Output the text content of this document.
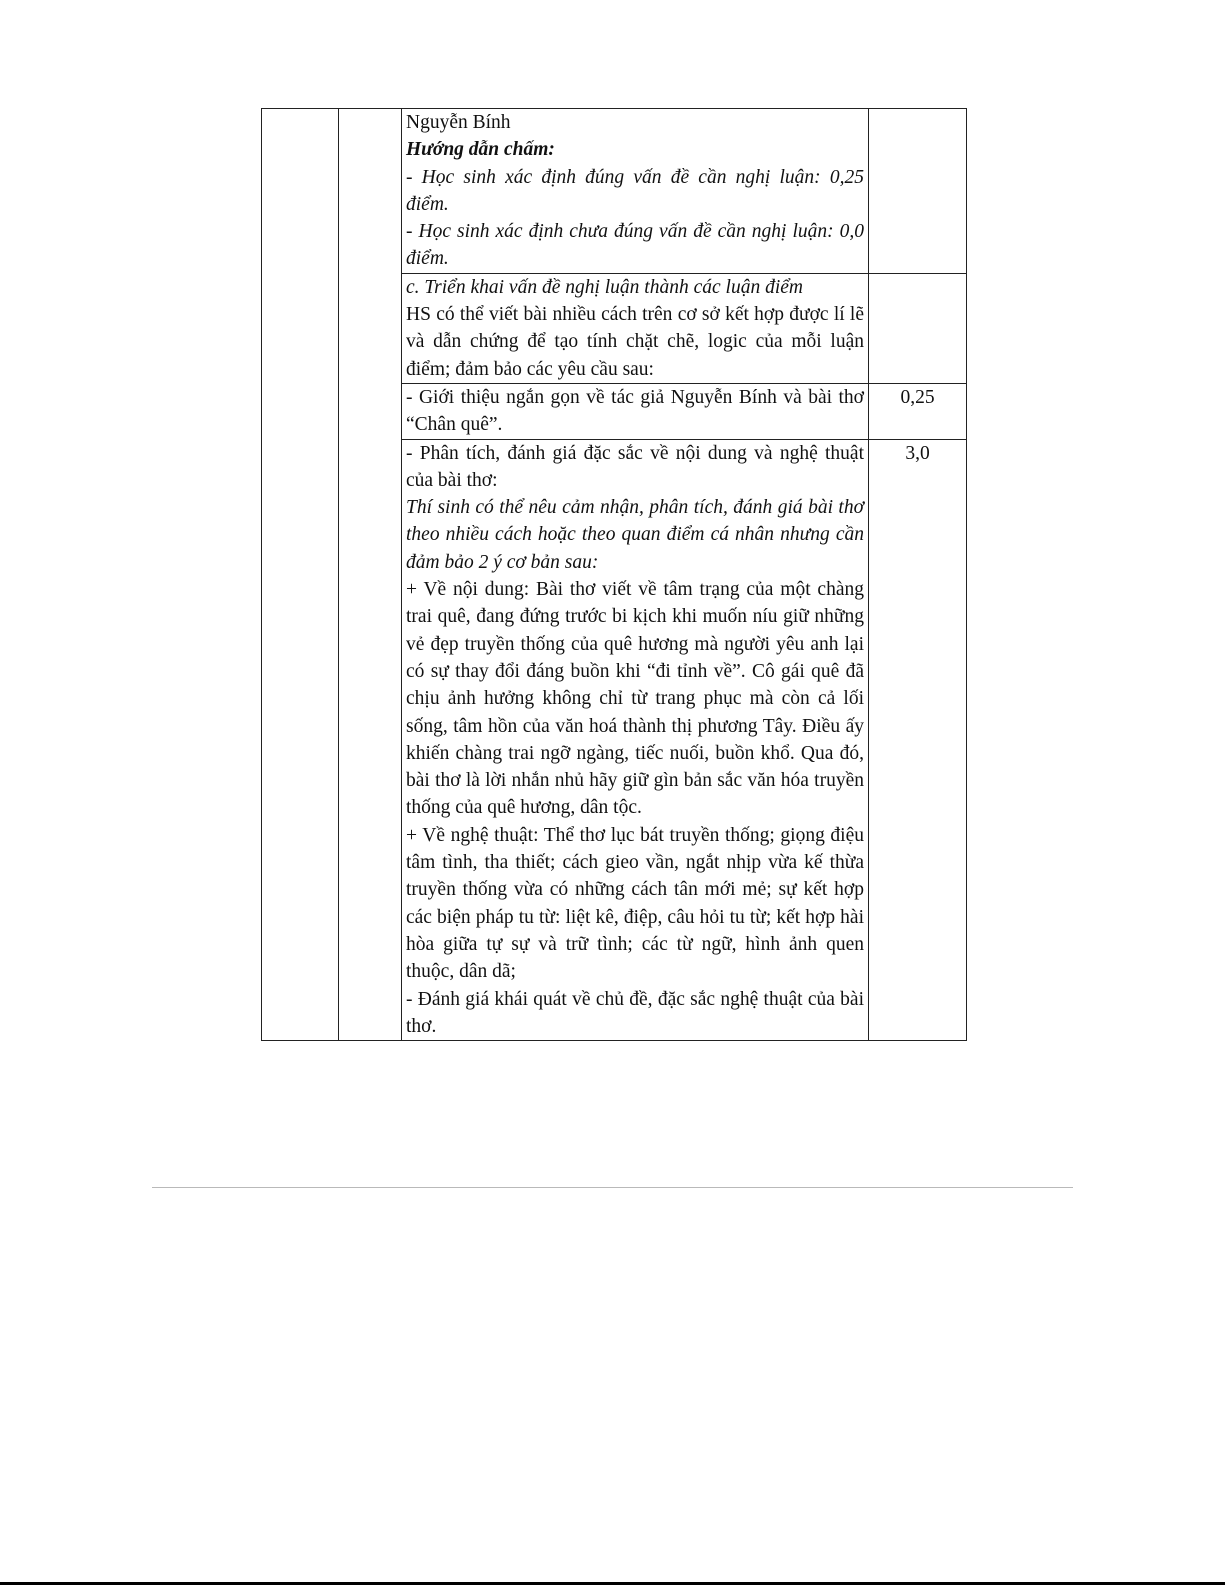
		Nguyễn Bính

Hướng dẫn chấm:

- Học sinh xác định đúng vấn đề cần nghị luận: 0,25 điểm.

- Học sinh xác định chưa đúng vấn đề cần nghị luận: 0,0 điểm.	

		c. Triển khai vấn đề nghị luận thành các luận điểm

HS có thể viết bài nhiều cách trên cơ sở kết hợp được lí lẽ và dẫn chứng để tạo tính chặt chẽ, logic của mỗi luận điểm; đảm bảo các yêu cầu sau:	

		- Giới thiệu ngắn gọn về tác giả Nguyễn Bính và bài thơ “Chân quê”.	0,25

		- Phân tích, đánh giá đặc sắc về nội dung và nghệ thuật của bài thơ:

Thí sinh có thể nêu cảm nhận, phân tích, đánh giá bài thơ theo nhiều cách hoặc theo quan điểm cá nhân nhưng cần đảm bảo 2 ý cơ bản sau:

+ Về nội dung: Bài thơ viết về tâm trạng của một chàng trai quê, đang đứng trước bi kịch khi muốn níu giữ những vẻ đẹp truyền thống của quê hương mà người yêu anh lại có sự thay đổi đáng buồn khi “đi tỉnh về”. Cô gái quê đã chịu ảnh hưởng không chỉ từ trang phục mà còn cả lối sống, tâm hồn của văn hoá thành thị phương Tây. Điều ấy khiến chàng trai ngỡ ngàng, tiếc nuối, buồn khổ. Qua đó, bài thơ là lời nhắn nhủ hãy giữ gìn bản sắc văn hóa truyền thống của quê hương, dân tộc.

+ Về nghệ thuật: Thể thơ lục bát truyền thống; giọng điệu tâm tình, tha thiết; cách gieo vần, ngắt nhịp vừa kế thừa truyền thống vừa có những cách tân mới mẻ; sự kết hợp các biện pháp tu từ: liệt kê, điệp, câu hỏi tu từ; kết hợp hài hòa giữa tự sự và trữ tình; các từ ngữ, hình ảnh quen thuộc, dân dã;

- Đánh giá khái quát về chủ đề, đặc sắc nghệ thuật của bài thơ.	3,0
